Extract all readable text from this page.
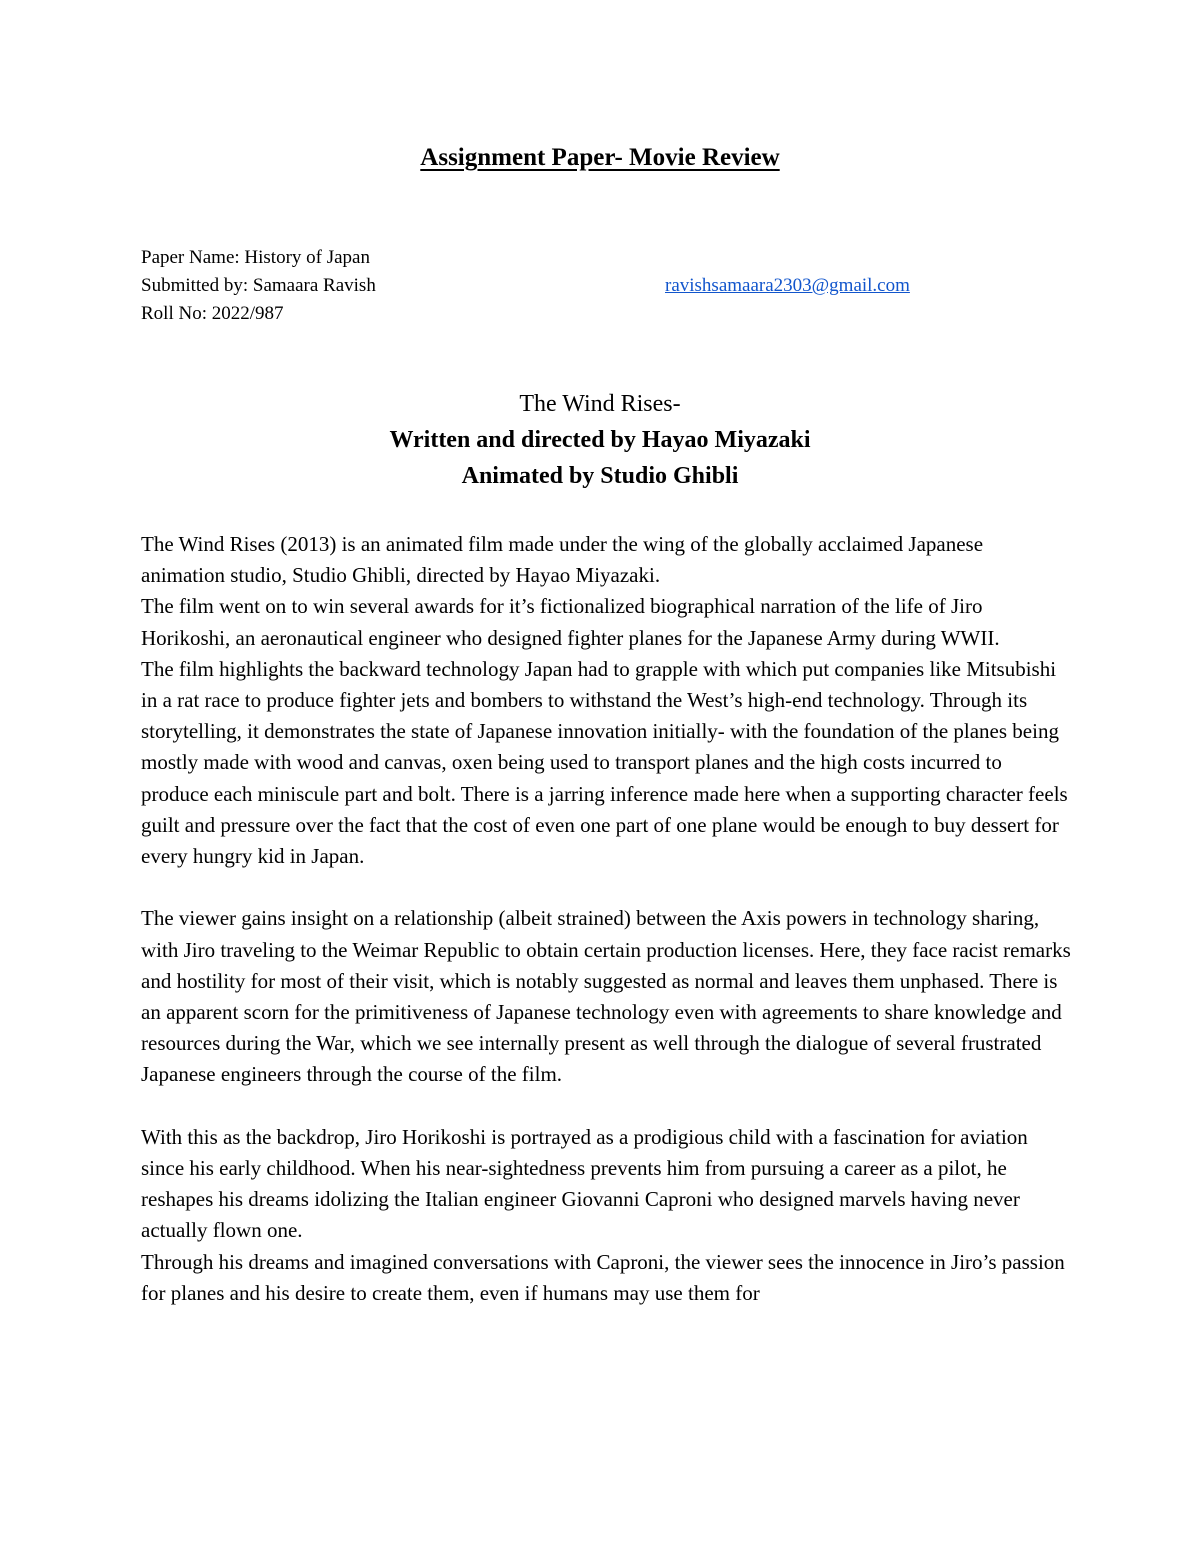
Assignment Paper- Movie Review
Paper Name: History of Japan
Submitted by: Samaara Ravish	ravishsamaara2303@gmail.com
Roll No: 2022/987
The Wind Rises-
Written and directed by Hayao Miyazaki
Animated by Studio Ghibli

The Wind Rises (2013) is an animated film made under the wing of the globally acclaimed Japanese animation studio, Studio Ghibli, directed by Hayao Miyazaki.

The film went on to win several awards for it’s fictionalized biographical narration of the life of Jiro Horikoshi, an aeronautical engineer who designed fighter planes for the Japanese Army during WWII.

The film highlights the backward technology Japan had to grapple with which put companies like Mitsubishi in a rat race to produce fighter jets and bombers to withstand the West’s high-end technology. Through its storytelling, it demonstrates the state of Japanese innovation initially- with the foundation of the planes being mostly made with wood and canvas, oxen being used to transport planes and the high costs incurred to produce each miniscule part and bolt. There is a jarring inference made here when a supporting character feels guilt and pressure over the fact that the cost of even one part of one plane would be enough to buy dessert for every hungry kid in Japan.

The viewer gains insight on a relationship (albeit strained) between the Axis powers in technology sharing, with Jiro traveling to the Weimar Republic to obtain certain production licenses. Here, they face racist remarks and hostility for most of their visit, which is notably suggested as normal and leaves them unphased. There is an apparent scorn for the primitiveness of Japanese technology even with agreements to share knowledge and resources during the War, which we see internally present as well through the dialogue of several frustrated Japanese engineers through the course of the film.

With this as the backdrop, Jiro Horikoshi is portrayed as a prodigious child with a fascination for aviation since his early childhood. When his near-sightedness prevents him from pursuing a career as a pilot, he reshapes his dreams idolizing the Italian engineer Giovanni Caproni who designed marvels having never actually flown one.

Through his dreams and imagined conversations with Caproni, the viewer sees the innocence in Jiro’s passion for planes and his desire to create them, even if humans may use them for
